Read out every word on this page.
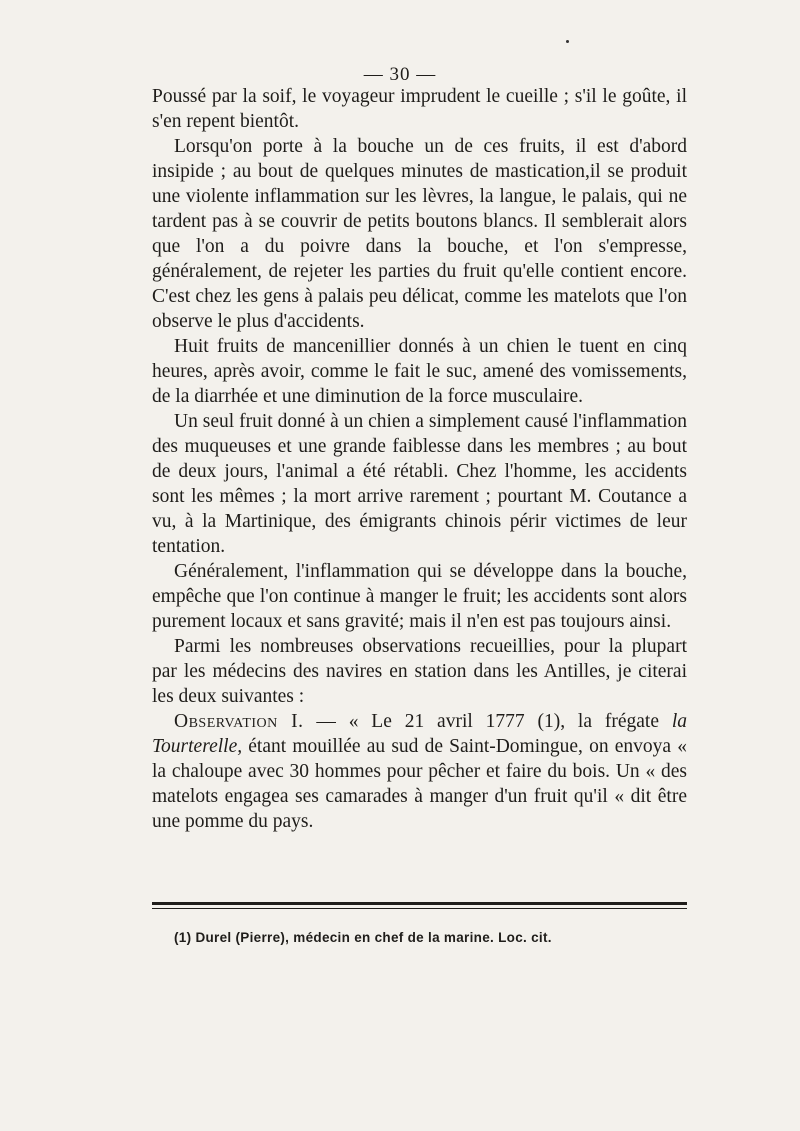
— 30 —

Poussé par la soif, le voyageur imprudent le cueille ; s'il le goûte, il s'en repent bientôt.

Lorsqu'on porte à la bouche un de ces fruits, il est d'abord insipide ; au bout de quelques minutes de mastication,il se produit une violente inflammation sur les lèvres, la langue, le palais, qui ne tardent pas à se couvrir de petits boutons blancs. Il semblerait alors que l'on a du poivre dans la bouche, et l'on s'empresse, généralement, de rejeter les parties du fruit qu'elle contient encore. C'est chez les gens à palais peu délicat, comme les matelots que l'on observe le plus d'accidents.

Huit fruits de mancenillier donnés à un chien le tuent en cinq heures, après avoir, comme le fait le suc, amené des vomissements, de la diarrhée et une diminution de la force musculaire.

Un seul fruit donné à un chien a simplement causé l'inflammation des muqueuses et une grande faiblesse dans les membres ; au bout de deux jours, l'animal a été rétabli. Chez l'homme, les accidents sont les mêmes ; la mort arrive rarement ; pourtant M. Coutance a vu, à la Martinique, des émigrants chinois périr victimes de leur tentation.

Généralement, l'inflammation qui se développe dans la bouche, empêche que l'on continue à manger le fruit; les accidents sont alors purement locaux et sans gravité; mais il n'en est pas toujours ainsi.

Parmi les nombreuses observations recueillies, pour la plupart par les médecins des navires en station dans les Antilles, je citerai les deux suivantes :

Observation I. — « Le 21 avril 1777 (1), la frégate la Tourterelle, étant mouillée au sud de Saint-Domingue, on envoya « la chaloupe avec 30 hommes pour pêcher et faire du bois. Un « des matelots engagea ses camarades à manger d'un fruit qu'il « dit être une pomme du pays.

(1) Durel (Pierre), médecin en chef de la marine. Loc. cit.
